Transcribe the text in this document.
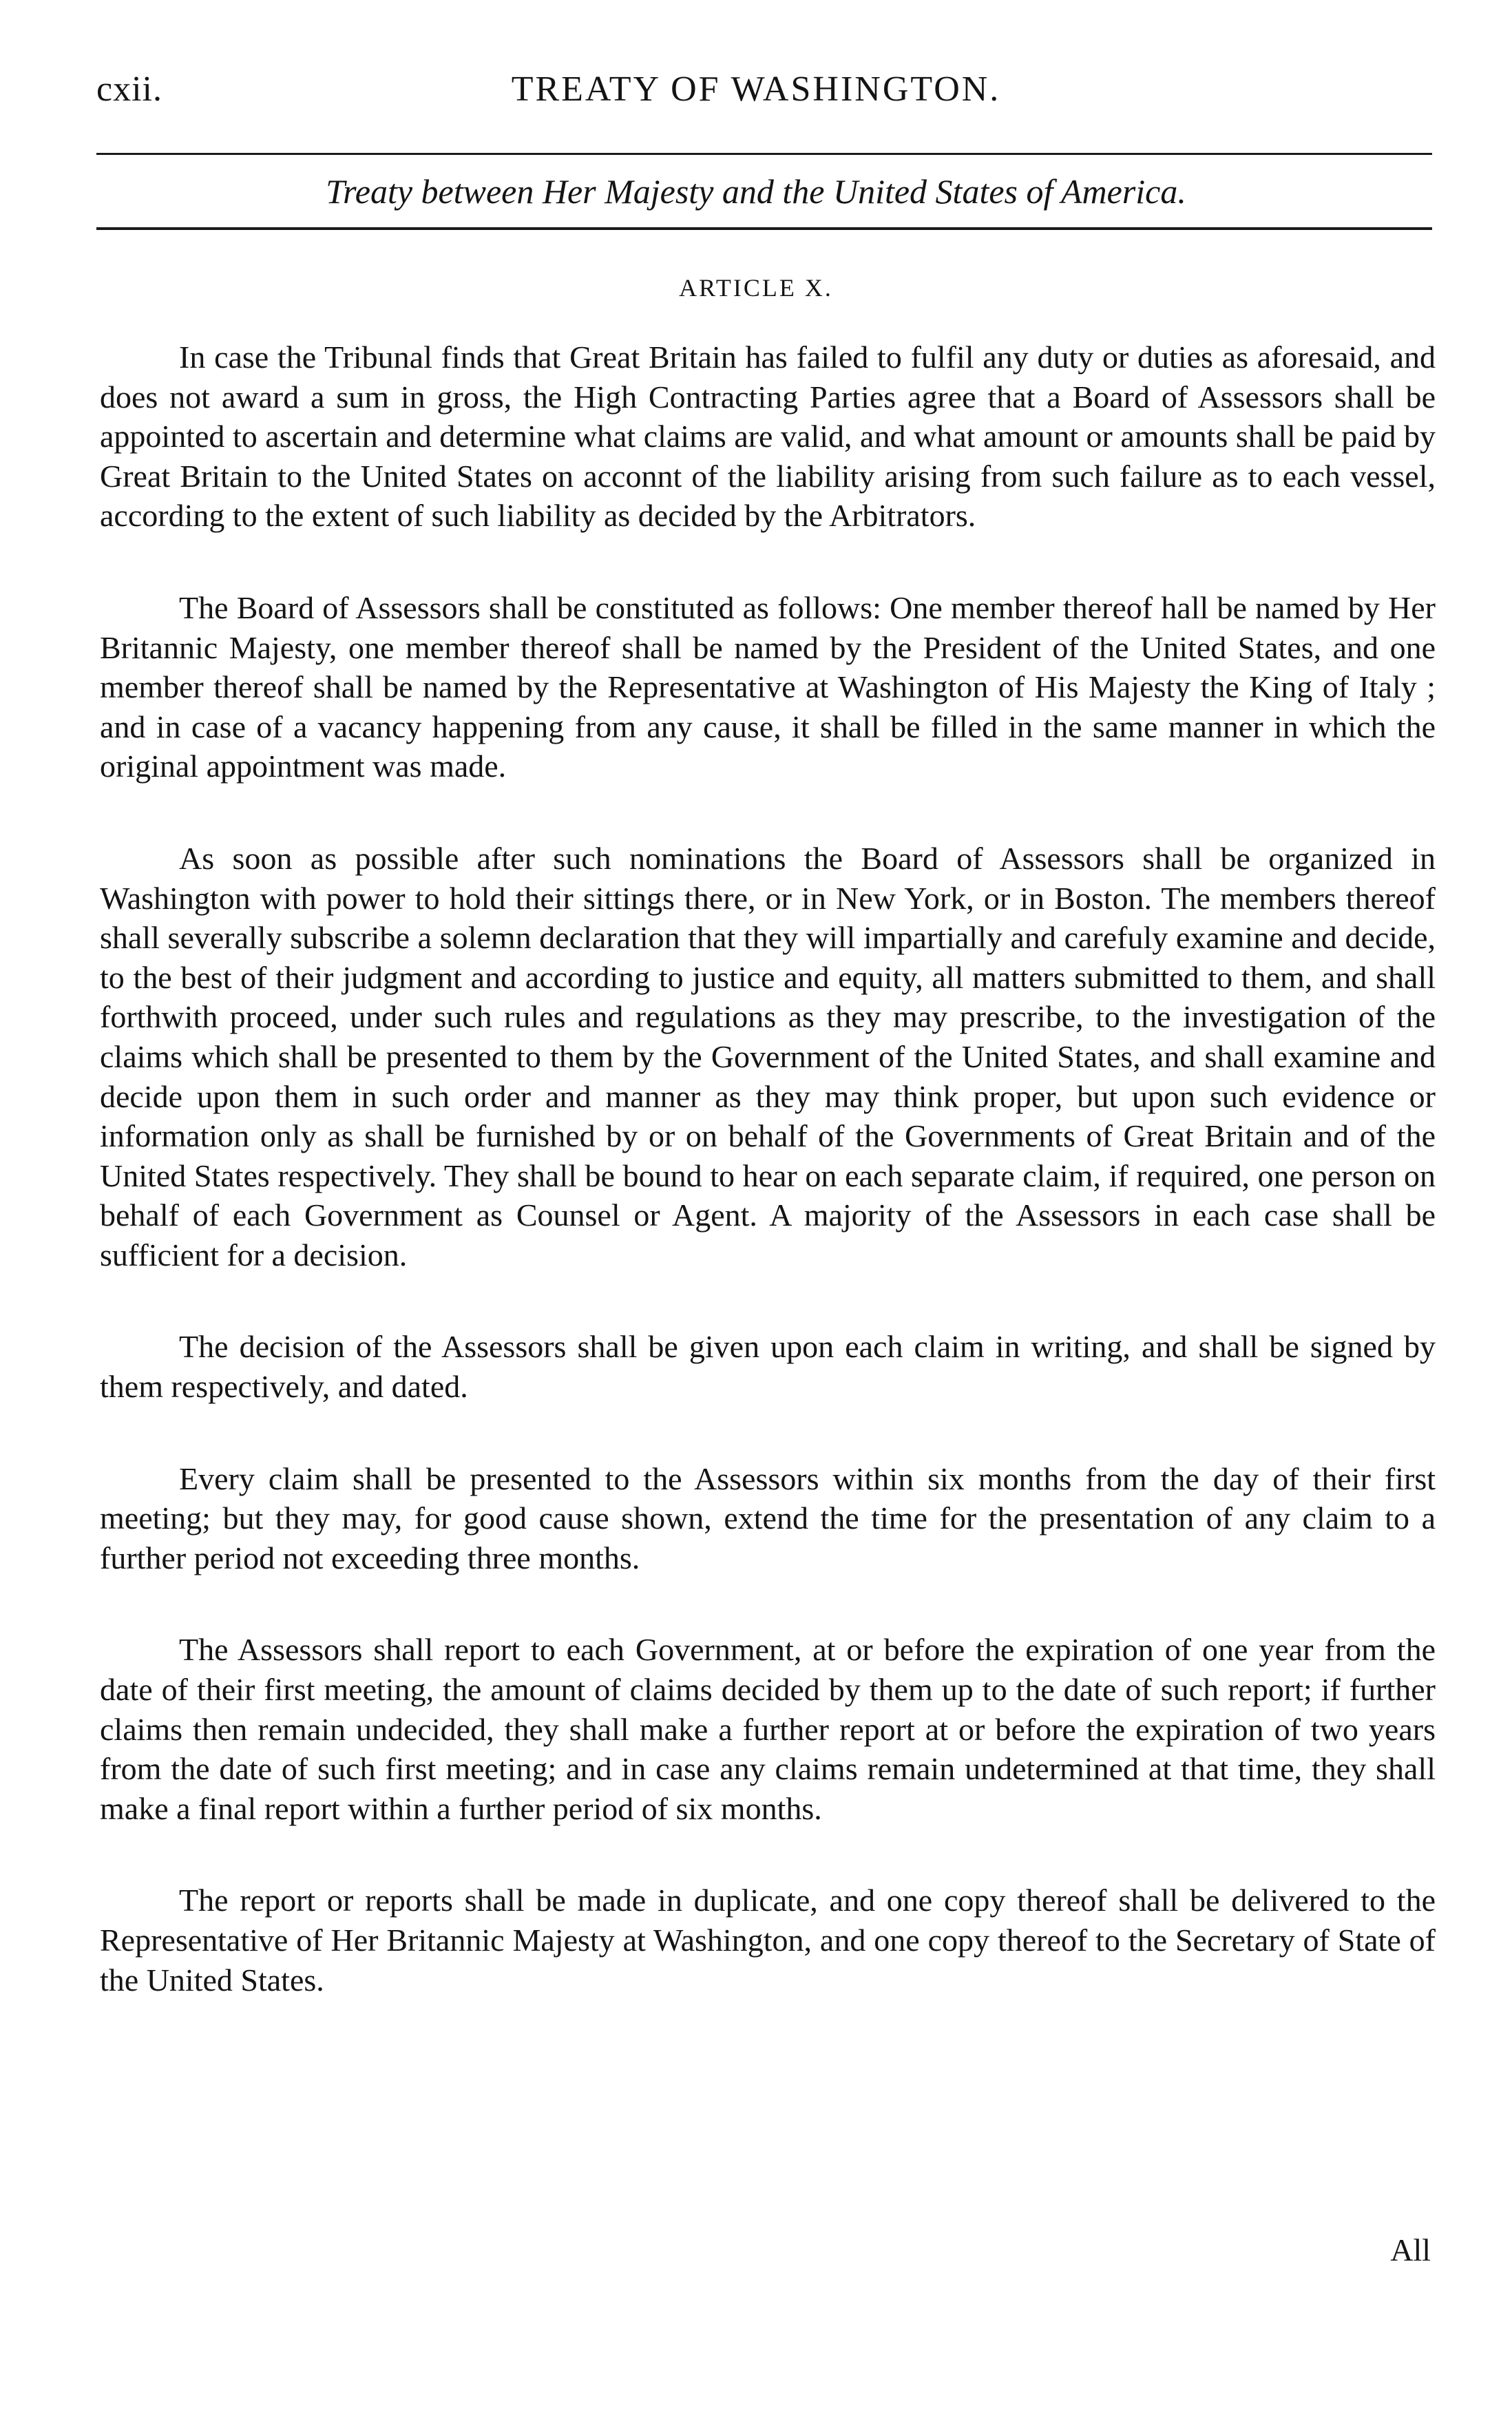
cxii.	TREATY OF WASHINGTON.
Treaty between Her Majesty and the United States of America.
ARTICLE X.

In case the Tribunal finds that Great Britain has failed to fulfil any duty or duties as aforesaid, and does not award a sum in gross, the High Contracting Parties agree that a Board of Assessors shall be appointed to ascertain and determine what claims are valid, and what amount or amounts shall be paid by Great Britain to the United States on acconnt of the liability arising from such failure as to each vessel, according to the extent of such liability as decided by the Arbitrators.

The Board of Assessors shall be constituted as follows: One member thereof hall be named by Her Britannic Majesty, one member thereof shall be named by the President of the United States, and one member thereof shall be named by the Representative at Washington of His Majesty the King of Italy ; and in case of a vacancy happening from any cause, it shall be filled in the same manner in which the original appointment was made.

As soon as possible after such nominations the Board of Assessors shall be organized in Washington with power to hold their sittings there, or in New York, or in Boston. The members thereof shall severally subscribe a solemn declaration that they will impartially and carefuly examine and decide, to the best of their judgment and according to justice and equity, all matters submitted to them, and shall forthwith proceed, under such rules and regulations as they may prescribe, to the investigation of the claims which shall be presented to them by the Government of the United States, and shall examine and decide upon them in such order and manner as they may think proper, but upon such evidence or information only as shall be furnished by or on behalf of the Governments of Great Britain and of the United States respectively. They shall be bound to hear on each separate claim, if required, one person on behalf of each Government as Counsel or Agent. A majority of the Assessors in each case shall be sufficient for a decision.

The decision of the Assessors shall be given upon each claim in writing, and shall be signed by them respectively, and dated.

Every claim shall be presented to the Assessors within six months from the day of their first meeting; but they may, for good cause shown, extend the time for the presentation of any claim to a further period not exceeding three months.

The Assessors shall report to each Government, at or before the expiration of one year from the date of their first meeting, the amount of claims decided by them up to the date of such report; if further claims then remain undecided, they shall make a further report at or before the expiration of two years from the date of such first meeting; and in case any claims remain undetermined at that time, they shall make a final report within a further period of six months.

The report or reports shall be made in duplicate, and one copy thereof shall be delivered to the Representative of Her Britannic Majesty at Washington, and one copy thereof to the Secretary of State of the United States.

All
